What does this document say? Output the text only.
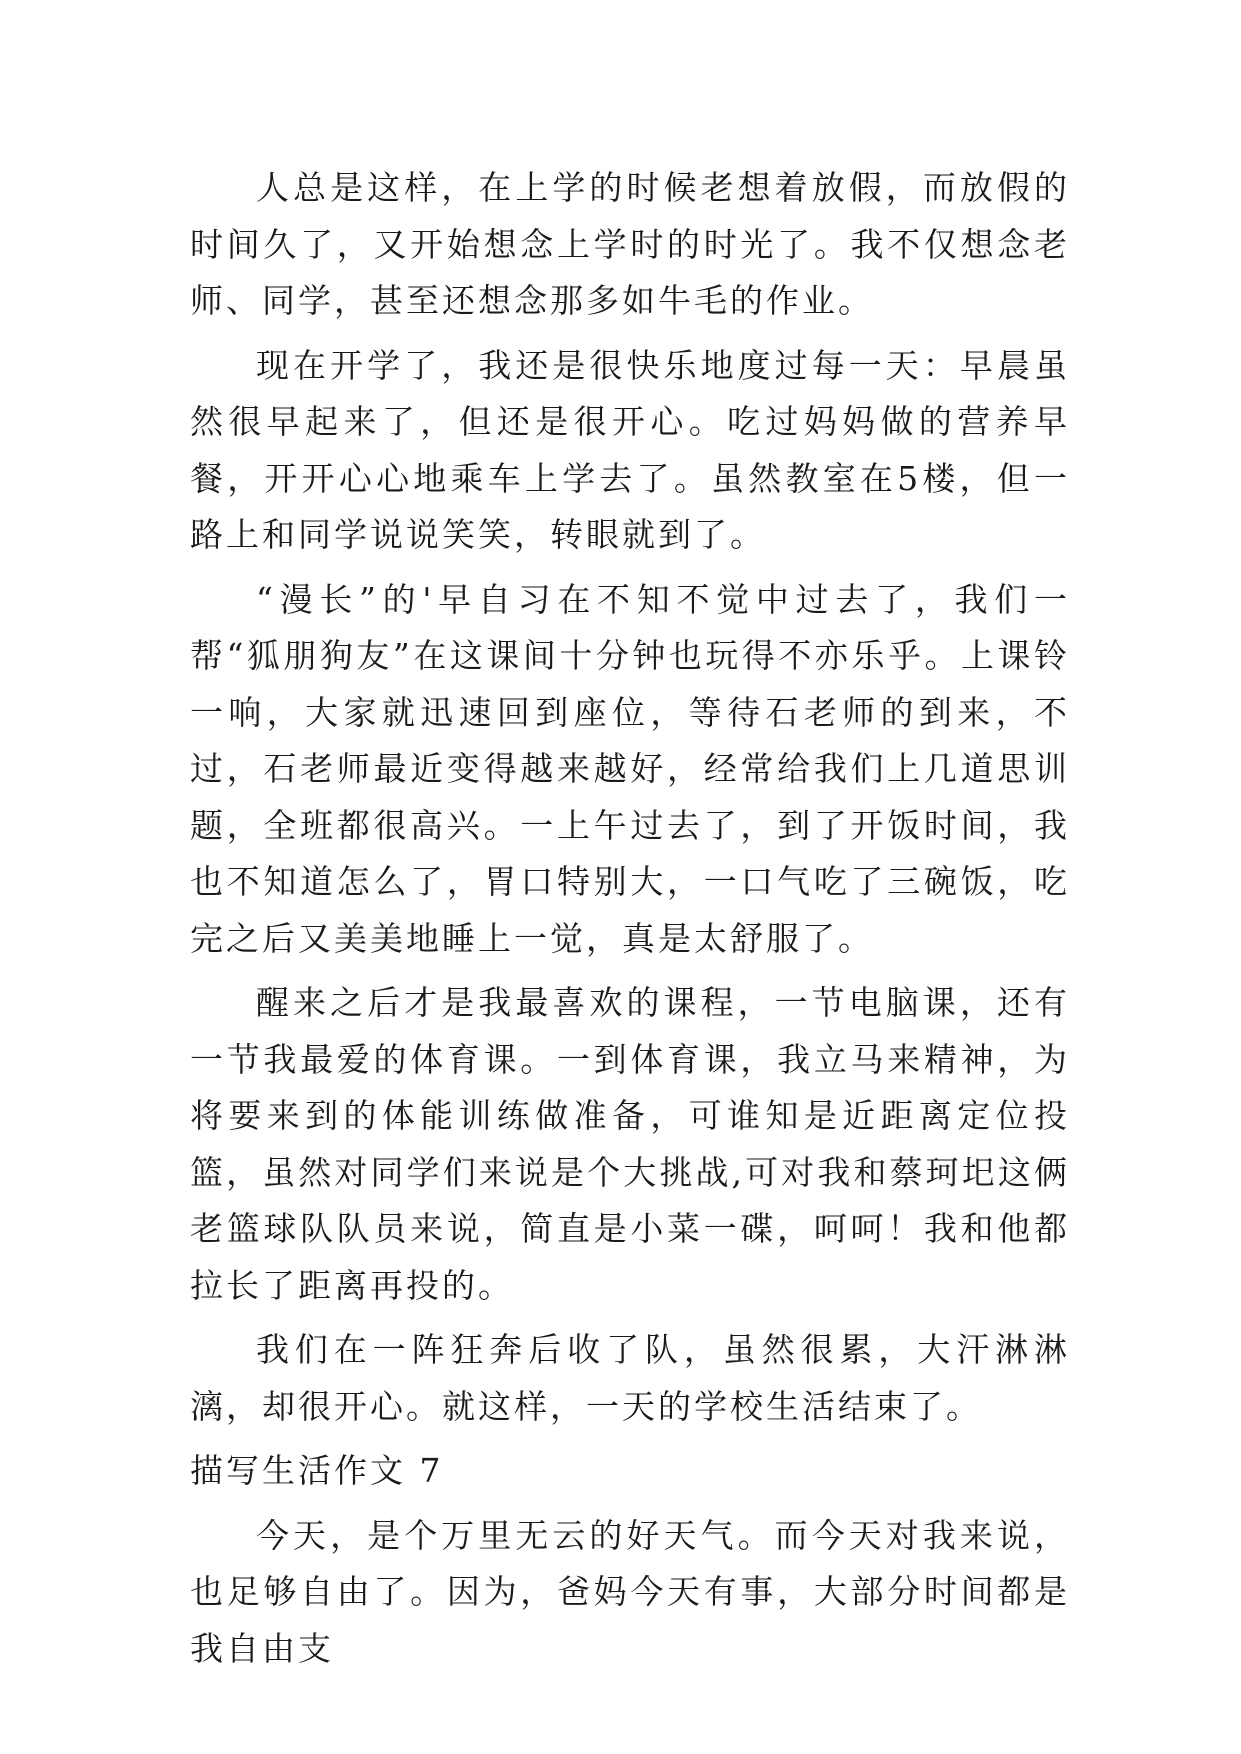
人总是这样，在上学的时候老想着放假，而放假的时间久了，又开始想念上学时的时光了。我不仅想念老师、同学，甚至还想念那多如牛毛的作业。

现在开学了，我还是很快乐地度过每一天：早晨虽然很早起来了，但还是很开心。吃过妈妈做的营养早餐，开开心心地乘车上学去了。虽然教室在5楼，但一路上和同学说说笑笑，转眼就到了。

“漫长”的'早自习在不知不觉中过去了，我们一帮“狐朋狗友”在这课间十分钟也玩得不亦乐乎。上课铃一响，大家就迅速回到座位，等待石老师的到来，不过，石老师最近变得越来越好，经常给我们上几道思训题，全班都很高兴。一上午过去了，到了开饭时间，我也不知道怎么了，胃口特别大，一口气吃了三碗饭，吃完之后又美美地睡上一觉，真是太舒服了。

醒来之后才是我最喜欢的课程，一节电脑课，还有一节我最爱的体育课。一到体育课，我立马来精神，为将要来到的体能训练做准备，可谁知是近距离定位投篮，虽然对同学们来说是个大挑战,可对我和蔡珂圯这俩老篮球队队员来说，简直是小菜一碟，呵呵！我和他都拉长了距离再投的。

我们在一阵狂奔后收了队，虽然很累，大汗淋淋漓，却很开心。就这样，一天的学校生活结束了。

描写生活作文 7

今天，是个万里无云的好天气。而今天对我来说，也足够自由了。因为，爸妈今天有事，大部分时间都是我自由支
